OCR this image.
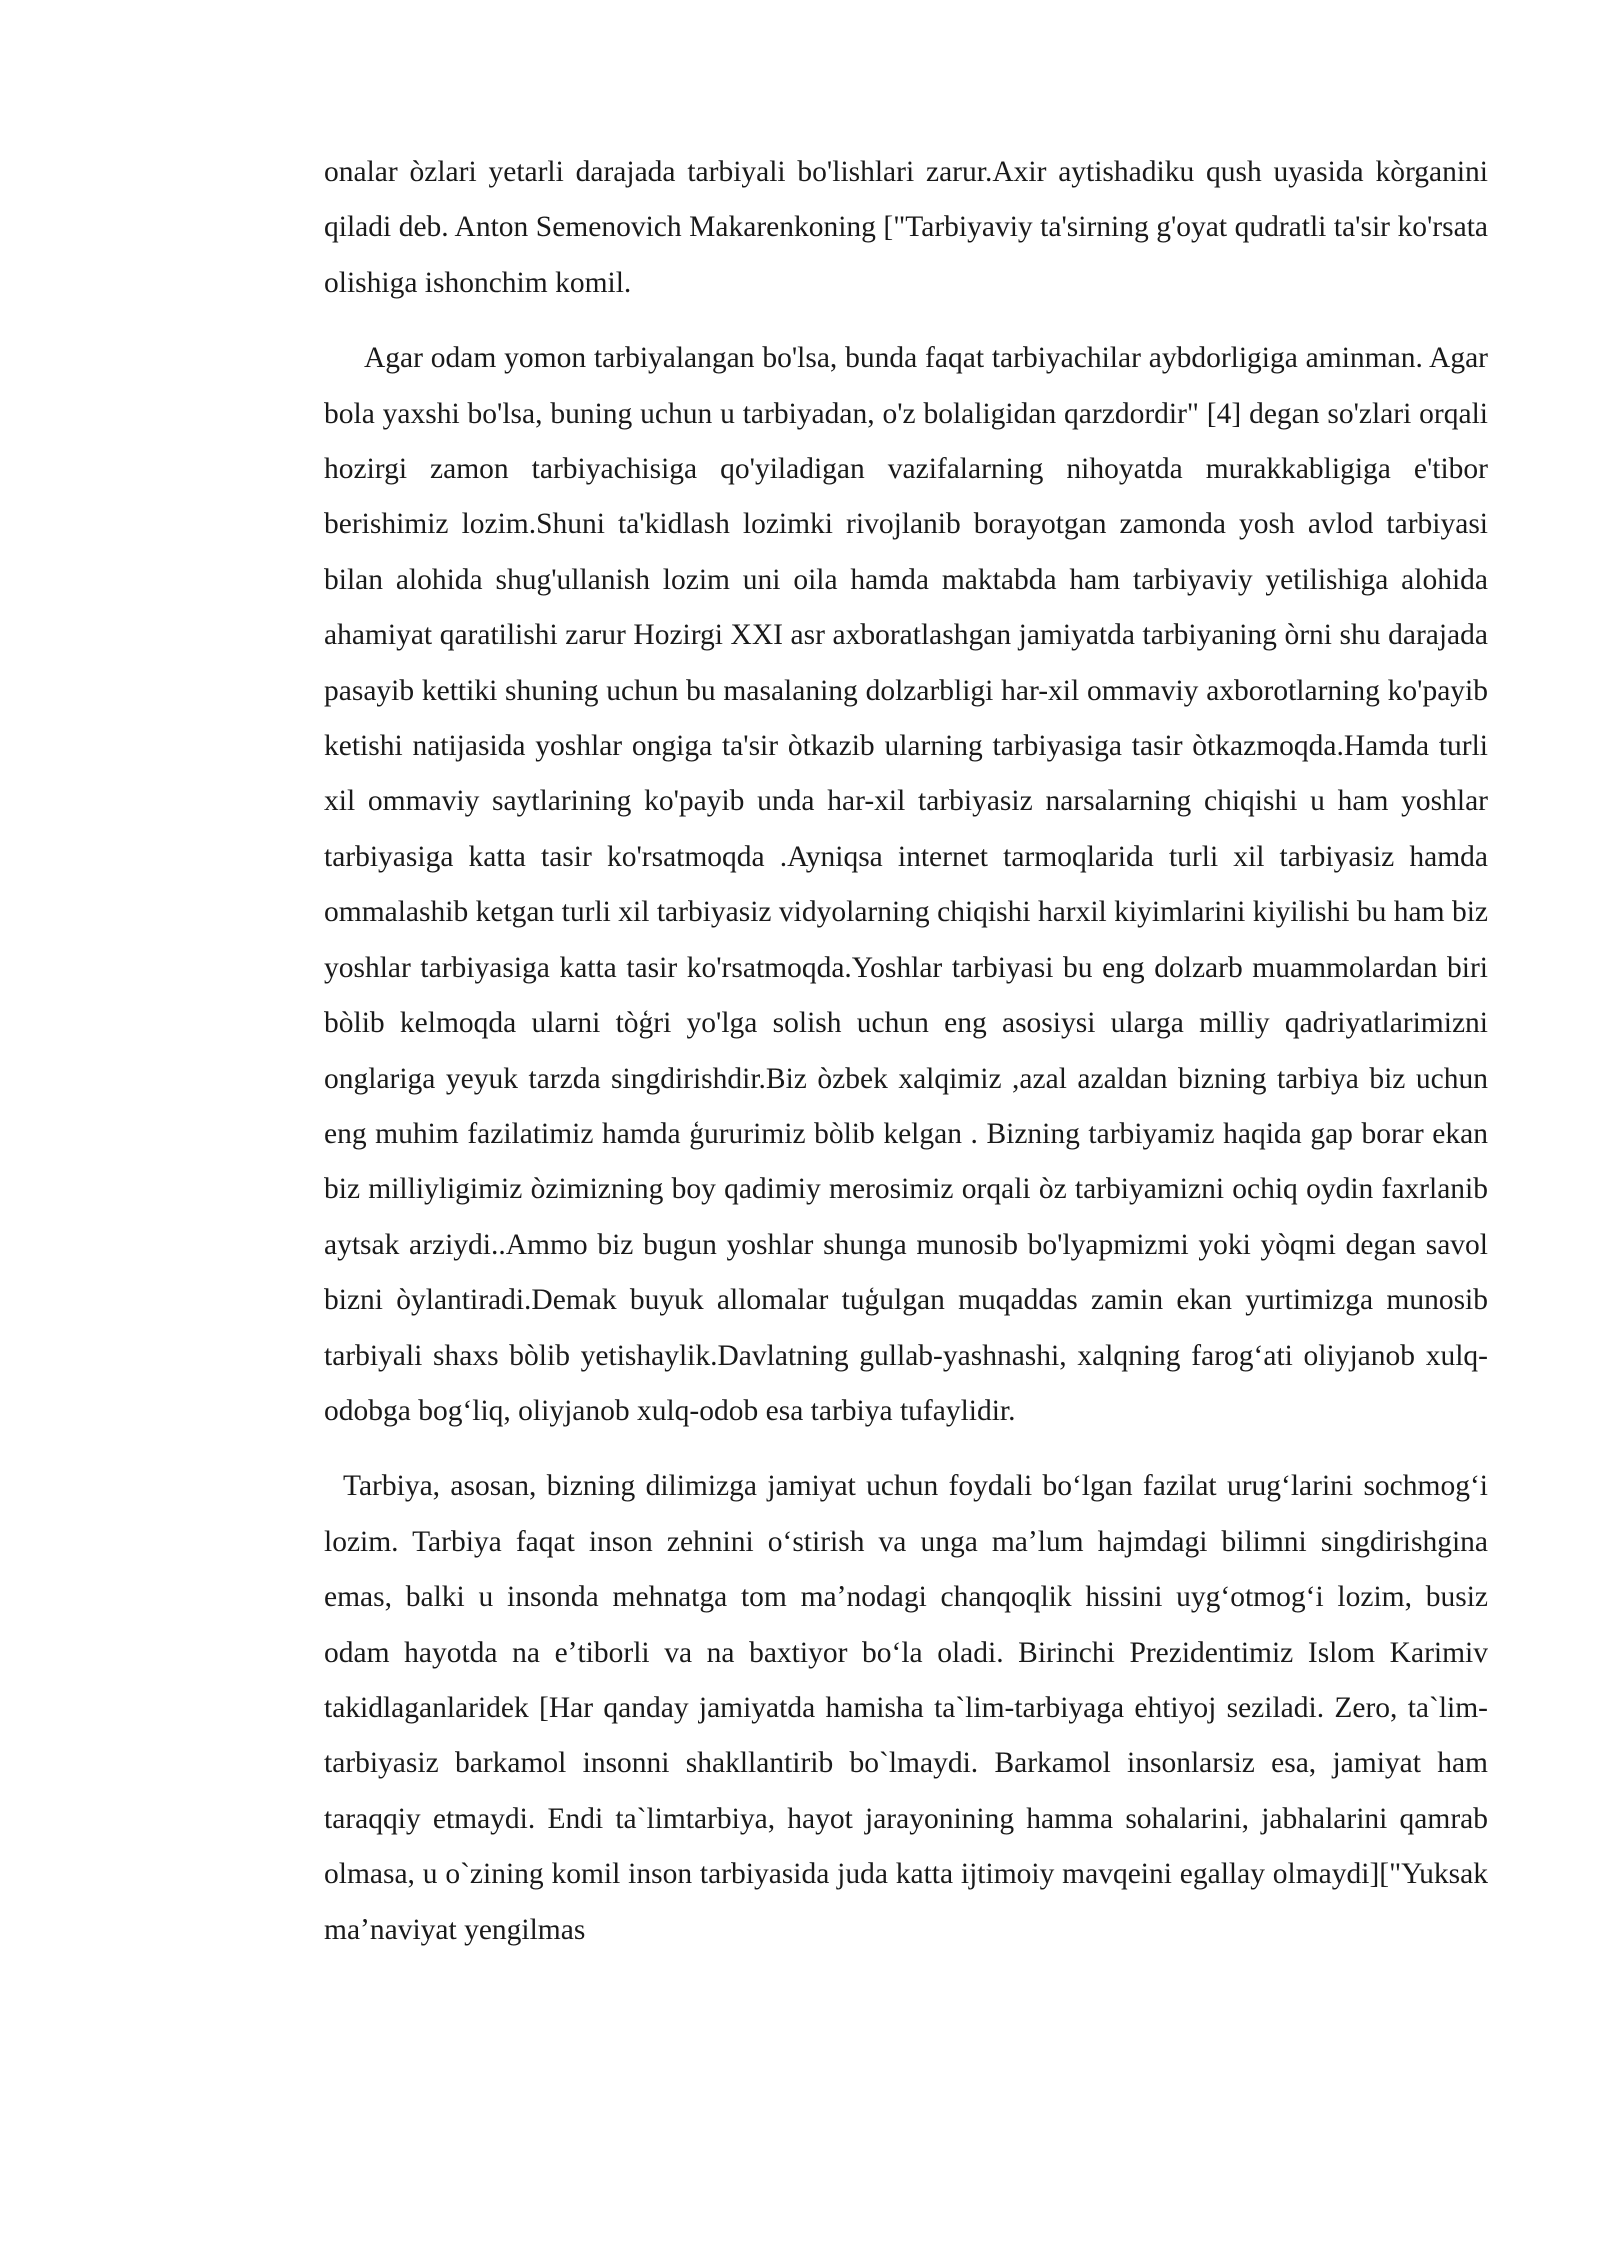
onalar òzlari yetarli darajada tarbiyali bo'lishlari zarur.Axir aytishadiku qush uyasida kòrganini qiladi deb. Anton Semenovich Makarenkoning ["Tarbiyaviy ta'sirning g'oyat qudratli ta'sir ko'rsata olishiga ishonchim komil.

Agar odam yomon tarbiyalangan bo'lsa, bunda faqat tarbiyachilar aybdorligiga aminman. Agar bola yaxshi bo'lsa, buning uchun u tarbiyadan, o'z bolaligidan qarzdordir" [4] degan so'zlari orqali hozirgi zamon tarbiyachisiga qo'yiladigan vazifalarning nihoyatda murakkabligiga e'tibor berishimiz lozim.Shuni ta'kidlash lozimki rivojlanib borayotgan zamonda yosh avlod tarbiyasi bilan alohida shug'ullanish lozim uni oila hamda maktabda ham tarbiyaviy yetilishiga alohida ahamiyat qaratilishi zarur Hozirgi XXI asr axboratlashgan jamiyatda tarbiyaning òrni shu darajada pasayib kettiki shuning uchun bu masalaning dolzarbligi har-xil ommaviy axborotlarning ko'payib ketishi natijasida yoshlar ongiga ta'sir òtkazib ularning tarbiyasiga tasir òtkazmoqda.Hamda turli xil ommaviy saytlarining ko'payib unda har-xil tarbiyasiz narsalarning chiqishi u ham yoshlar tarbiyasiga katta tasir ko'rsatmoqda .Ayniqsa internet tarmoqlarida turli xil tarbiyasiz hamda ommalashib ketgan turli xil tarbiyasiz vidyolarning chiqishi harxil kiyimlarini kiyilishi bu ham biz yoshlar tarbiyasiga katta tasir ko'rsatmoqda.Yoshlar tarbiyasi bu eng dolzarb muammolardan biri bòlib kelmoqda ularni tòģri yo'lga solish uchun eng asosiysi ularga milliy qadriyatlarimizni onglariga yeyuk tarzda singdirishdir.Biz òzbek xalqimiz ,azal azaldan bizning tarbiya biz uchun eng muhim fazilatimiz hamda ģururimiz bòlib kelgan . Bizning tarbiyamiz haqida gap borar ekan biz milliyligimiz òzimizning boy qadimiy merosimiz orqali òz tarbiyamizni ochiq oydin faxrlanib aytsak arziydi..Ammo biz bugun yoshlar shunga munosib bo'lyapmizmi yoki yòqmi degan savol bizni òylantiradi.Demak buyuk allomalar tuģulgan muqaddas zamin ekan yurtimizga munosib tarbiyali shaxs bòlib yetishaylik.Davlatning gullab-yashnashi, xalqning farogʻati oliyjanob xulq-odobga bogʻliq, oliyjanob xulq-odob esa tarbiya tufaylidir.

Tarbiya, asosan, bizning dilimizga jamiyat uchun foydali boʻlgan fazilat urugʻlarini sochmogʻi lozim. Tarbiya faqat inson zehnini oʻstirish va unga maʼlum hajmdagi bilimni singdirishgina emas, balki u insonda mehnatga tom maʼnodagi chanqoqlik hissini uygʻotmogʻi lozim, busiz odam hayotda na eʼtiborli va na baxtiyor boʻla oladi. Birinchi Prezidentimiz Islom Karimiv takidlaganlaridek [Har qanday jamiyatda hamisha ta`lim-tarbiyaga ehtiyoj seziladi. Zero, ta`lim-tarbiyasiz barkamol insonni shakllantirib bo`lmaydi. Barkamol insonlarsiz esa, jamiyat ham taraqqiy etmaydi. Endi ta`limtarbiya, hayot jarayonining hamma sohalarini, jabhalarini qamrab olmasa, u o`zining komil inson tarbiyasida juda katta ijtimoiy mavqeini egallay olmaydi]["Yuksak maʼnaviyat yengilmas
